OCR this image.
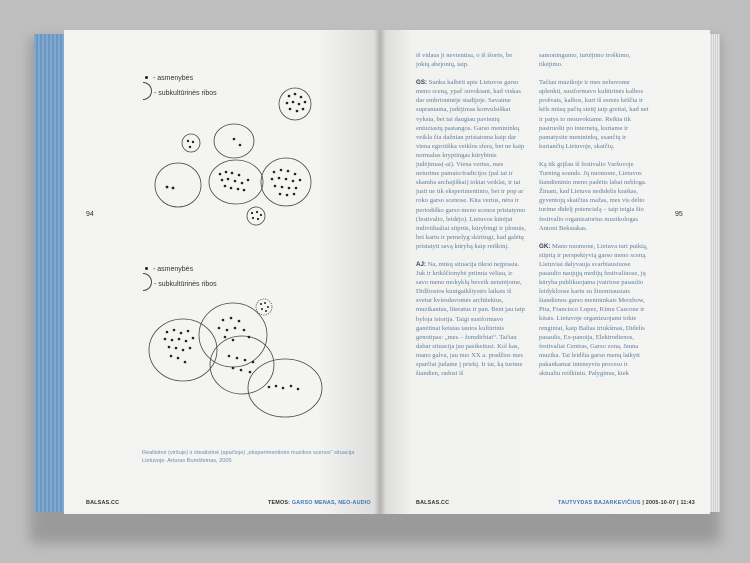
- asmenybės
- subkultūrinės ribos
94
- asmenybės
- subkultūrinės ribos
Realistinė (viršuje) ir idealistinė (apačioje) „eksperimentinės muzikos scenos“ situacija Lietuvoje. Arturas Bumšteinas, 2005
BALSAS.CC	TEMOS: GARSO MENAS, NEO-AUDIO

iš vidaus ji nevientisa, o iš išorės, be jokių abejonių, taip.

GS: Sunku kalbėti apie Lietuvos garso meno sceną, ypač suvokiant, kad viskas dar embrioninėje stadijoje. Savaime suprantama, judėjimas konvulsiškai vyksta, bet tai daugiau pavienių entuziastų pastangos. Garso menininkų veikla čia dažniau pristatoma kaip dar viena egzotiška veiklos sfera, bet ne kaip normalus kryptingas kūrybinis judėjimas(-ai). Viena vertus, mes neturime pamato/tradicijos (pal tai ir skamba archajiškai) tokiai veiklai, ir tai justi ne tik eksperimentinio, bet ir pop ar roko garso scenose. Kita vertus, nėra ir periodiško garso meno scenos pristatymo (festivalio, leidėjo). Lietuvos kūrėjai individualiai stiprūs, kūrybingi ir įdomūs, bet kartu ir pernelyg skirtingi, kad galėtų pristatyti savą kūrybą kaip reiškinį.

AJ: Na, mūsų situacija tikrai nejprasta. Juk ir krikščionybė priimta vėliau, ir savo meno mokyklų beveik neturėjome, Didžiosios kunigaikštystės laikais iš svetur kviesdavomės architektus, muzikantus, literatus ir pan. Bent jau taip byloja istorija. Taigi susiformavo ganėtinai keistas tautos kultūrinis genotipas: „mes – žemdirbiai“. Tačiau dabar situacija jau pasikeitusi. Kol kas, mano galva, jau nuo XX a. pradžios mes sparčiai judame į priekį. Ir tai, ką turime šiandien, radosi iš

samoningumo, turtėjimo troškimo, tikėjimo.

Tačiau muzikoje ir mes nebuvome aplenkti, susiformavo kultūrinės kalbos prošvais, kalbos, kuri iš esmės kėščia ir kėls mūsų pačių steitį taip greitai, kad net ir patys to nesuvokiame. Reikia tik pasiruošti po internetą, kuriame ir pamatysite menininkų, esančių ir kuriančių Lietuvoje, skaičių.

Ką tik grįžau iš festivalio Varšuvoje Turning sounds. Jų nuomone, Lietuvos šiandieninio meno padėtis labai nebloga. Žinant, kad Lietuva nedidelis kraštas, gyventojų skaičius mažas, mes vis dėlto turime didelį potencialą – taip teigia šio festivalio organizatorius muzikologas Antoni Beksiakas.

GK: Mano nuomone, Lietuva turi puikią, stiprią ir perspektyvią garso meno sceną. Lietuviai dalyvauja svarbiausiuose pasaulio naujųjų medijų festivaliuose, jų kūryba publikuojama įvairiose pasaulio leidykloose kartu su žinomiausiais šiandienos garso menininkais Merzbow, Pita, Francisco Lopez, Kimu Cascone ir kitais. Lietuvoje organizuojami tokie renginiai, kaip Baltas triukšmas, Didelis pasaulis, Ex-panoija, Elektrodienos, festivaliai Centras, Garso zona, Jauna muzika. Tai leidžia garso menų laikyti pakankamai intensyviu procesu ir aktualiu reiškiniu. Palyginus, kiek

95
BALSAS.CC	TAUTVYDAS BAJARKEVIČIUS | 2005-10-07 | 11:43
